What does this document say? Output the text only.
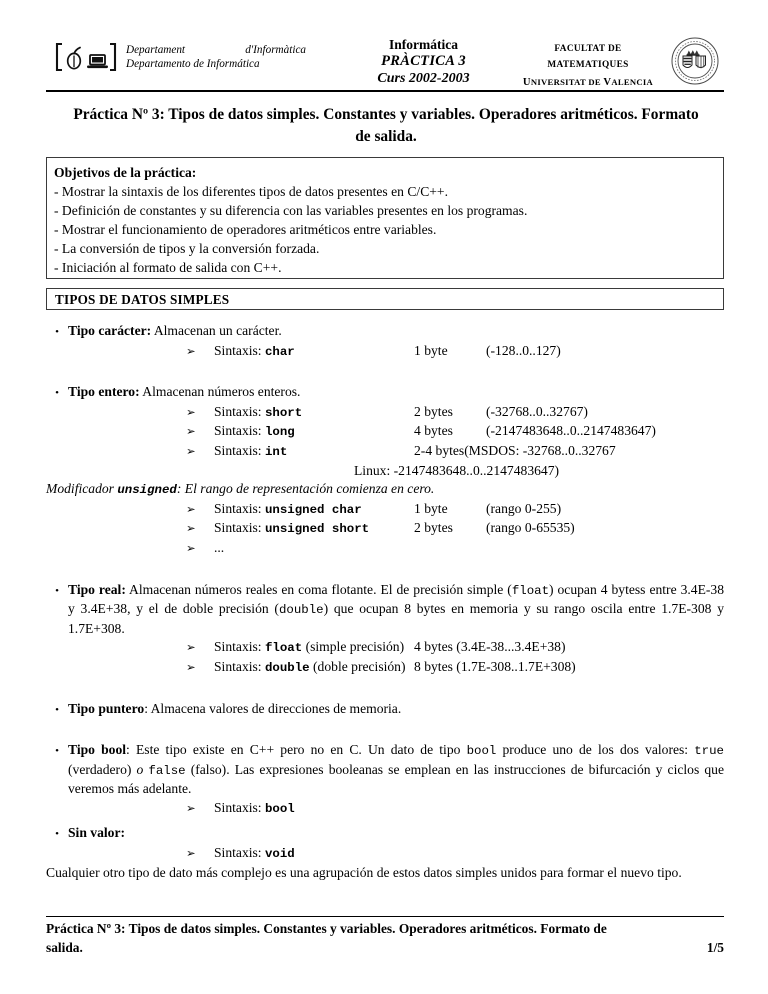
Departament	d'Informàtica
Departamento de Informática
Informática
PRÀCTICA 3
Curs 2002-2003
FACULTAT DE MATEMATIQUES
UNIVERSITAT DE VALENCIA
Práctica Nº 3: Tipos de datos simples. Constantes y variables. Operadores aritméticos. Formato de salida.
Objetivos de la práctica:
- Mostrar la sintaxis de los diferentes tipos de datos presentes en C/C++.
- Definición de constantes y su diferencia con las variables presentes en los programas.
- Mostrar el funcionamiento de operadores aritméticos entre variables.
- La conversión de tipos y la conversión forzada.
- Iniciación al formato de salida con C++.
TIPOS DE DATOS SIMPLES
• Tipo carácter: Almacenan un carácter.
➢	Sintaxis: char	1 byte	(-128..0..127)
• Tipo entero: Almacenan números enteros.
➢	Sintaxis: short	2 bytes	(-32768..0..32767)
➢	Sintaxis: long	4 bytes	(-2147483648..0..2147483647)
➢	Sintaxis: int	2-4 bytes(MSDOS: -32768..0..32767
Linux: -2147483648..0..2147483647)
Modificador unsigned: El rango de representación comienza en cero.
➢	Sintaxis: unsigned char	1 byte	(rango 0-255)
➢	Sintaxis: unsigned short	2 bytes	(rango 0-65535)
➢	...
• Tipo real: Almacenan números reales en coma flotante. El de precisión simple (float) ocupan 4 bytess entre 3.4E-38 y 3.4E+38, y el de doble precisión (double) que ocupan 8 bytes en memoria y su rango oscila entre 1.7E-308 y 1.7E+308.
➢	Sintaxis: float (simple precisión) 4 bytes (3.4E-38...3.4E+38)
➢	Sintaxis: double (doble precisión) 8 bytes (1.7E-308..1.7E+308)
• Tipo puntero: Almacena valores de direcciones de memoria.
• Tipo bool: Este tipo existe en C++ pero no en C. Un dato de tipo bool produce uno de los dos valores: true (verdadero) o false (falso). Las expresiones booleanas se emplean en las instrucciones de bifurcación y ciclos que veremos más adelante.
➢	Sintaxis: bool
• Sin valor:
➢	Sintaxis: void
Cualquier otro tipo de dato más complejo es una agrupación de estos datos simples unidos para formar el nuevo tipo.
Práctica Nº 3: Tipos de datos simples. Constantes y variables. Operadores aritméticos. Formato de
salida.	1/5
